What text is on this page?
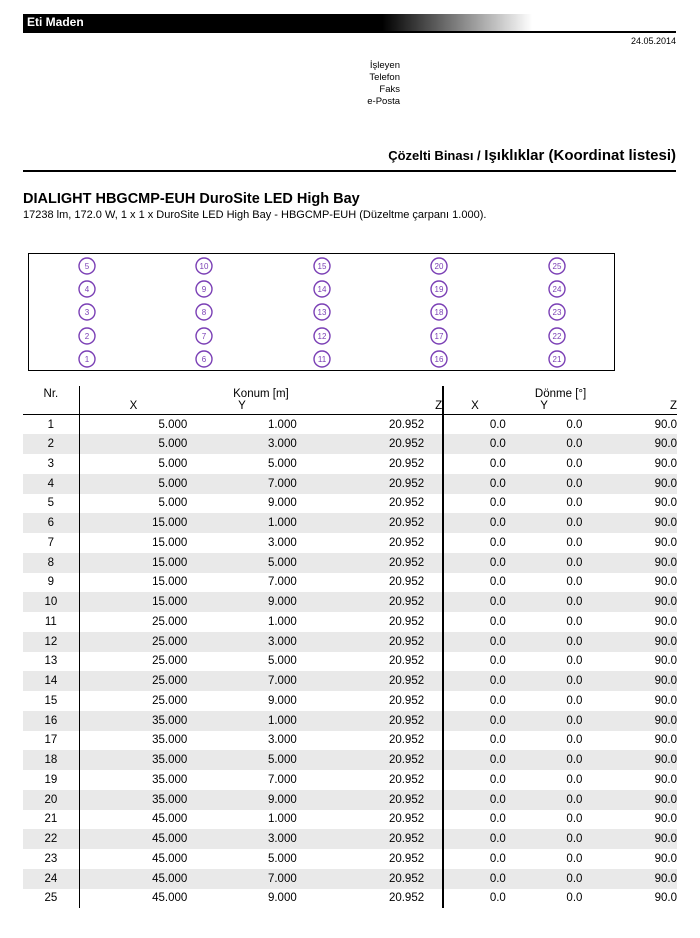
Eti Maden
24.05.2014
İşleyen
Telefon
Faks
e-Posta
Çözelti Binası / Işıklıklar (Koordinat listesi)
DIALIGHT HBGCMP-EUH DuroSite LED High Bay
17238 lm, 172.0 W, 1 x 1 x DuroSite LED High Bay - HBGCMP-EUH (Düzeltme çarpanı 1.000).
5	10	15	20	25
4	9	14	19	24
3	8	13	18	23
2	7	12	17	22
1	6	11	16	21
Nr.	Konum [m]			Dönme [°]		
	X	Y	Z	X	Y	Z
1	5.000	1.000	20.952	0.0	0.0	90.0
2	5.000	3.000	20.952	0.0	0.0	90.0
3	5.000	5.000	20.952	0.0	0.0	90.0
4	5.000	7.000	20.952	0.0	0.0	90.0
5	5.000	9.000	20.952	0.0	0.0	90.0
6	15.000	1.000	20.952	0.0	0.0	90.0
7	15.000	3.000	20.952	0.0	0.0	90.0
8	15.000	5.000	20.952	0.0	0.0	90.0
9	15.000	7.000	20.952	0.0	0.0	90.0
10	15.000	9.000	20.952	0.0	0.0	90.0
11	25.000	1.000	20.952	0.0	0.0	90.0
12	25.000	3.000	20.952	0.0	0.0	90.0
13	25.000	5.000	20.952	0.0	0.0	90.0
14	25.000	7.000	20.952	0.0	0.0	90.0
15	25.000	9.000	20.952	0.0	0.0	90.0
16	35.000	1.000	20.952	0.0	0.0	90.0
17	35.000	3.000	20.952	0.0	0.0	90.0
18	35.000	5.000	20.952	0.0	0.0	90.0
19	35.000	7.000	20.952	0.0	0.0	90.0
20	35.000	9.000	20.952	0.0	0.0	90.0
21	45.000	1.000	20.952	0.0	0.0	90.0
22	45.000	3.000	20.952	0.0	0.0	90.0
23	45.000	5.000	20.952	0.0	0.0	90.0
24	45.000	7.000	20.952	0.0	0.0	90.0
25	45.000	9.000	20.952	0.0	0.0	90.0
